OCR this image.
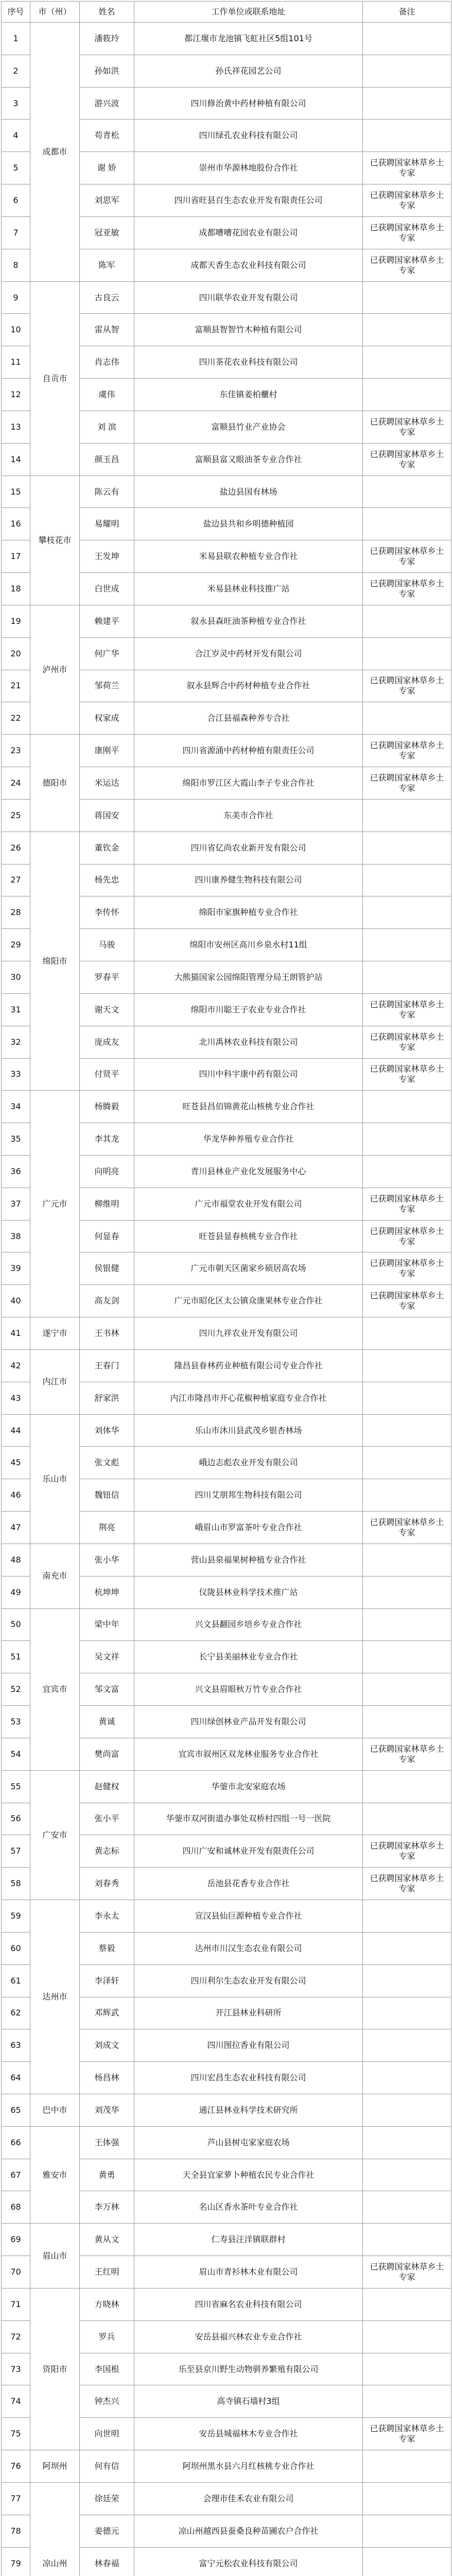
序号	市（州）	姓名	工作单位或联系地址	备注
1	成都市	潘筱玲	都江堰市龙池镇飞虹社区5组101号	
2		孙如洪	孙氏祥花园艺公司	
3		游兴波	四川修治黄中药材种植有限公司	
4		苟青松	四川绿孔农业科技有限公司	
5		谢 娇	崇州市华源林地股份合作社	已获聘国家林草乡土专家
6		刘思军	四川省旺县百生态农业开发有限责任公司	已获聘国家林草乡土专家
7		冠亚敏	成都嘈嘈花园农业有限公司	已获聘国家林草乡土专家
8		陈军	成都天香生态农业科技有限公司	已获聘国家林草乡土专家
9	自贡市	古良云	四川联华农业开发有限公司	
10		雷从智	富顺县智智竹木种植有限公司	
11		肖志伟	四川茶花农业科技有限公司	
12		虞伟	东佳镇姜柏櫃村	
13		刘 滨	富顺县竹业产业协会	已获聘国家林草乡土专家
14		颜玉昌	富顺县富又眼油茶专业合作社	已获聘国家林草乡土专家
15	攀枝花市	陈云有	盐边县国有林场	
16		易耀明	盐边县共和乡明德种植园	
17		王发坤	米易县联农种植专业合作社	已获聘国家林草乡土专家
18		白世成	米易县林业科技推广站	已获聘国家林草乡土专家
19	泸州市	赖建平	叙永县森旺油茶种植专业合作社	
20		何广华	合江岁灵中药材开发有限公司	
21		邹荷兰	叙永县辉合中药材种植专业合作社	已获聘国家林草乡土专家
22		权家成	合江县福森种养专合社	
23	德阳市	康刚平	四川省源涌中药材种植有限责任公司	已获聘国家林草乡土专家
24		米运达	绵阳市罗江区大霞山李子专业合作社	已获聘国家林草乡土专家
25		蒋国安	东美市合作社	
26	绵阳市	董钦金	四川省亿尚农业新开发有限公司	
27		杨先忠	四川康养健生物科技有限公司	
28		李传怀	绵阳市家旗种植专业合作社	
29		马骏	绵阳市安州区高川乡泉水村11组	
30		罗春平	大熊猫国家公园绵阳管理分局王朗管护站	
31		谢天文	绵阳市川聪王子农业专业合作社	已获聘国家林草乡土专家
32		庞成友	北川禹林农业科技有限公司	已获聘国家林草乡土专家
33		付贤平	四川中科宇康中药有限公司	已获聘国家林草乡土专家
34	广元市	杨腾毅	旺苍县昌佰锦黄花山核桃专业合作社	
35		李其龙	华龙华种养殖专业合作社	
36		向明亮	青川县林业产业化发展服务中心	
37		柳维明	广元市福堂农业开发有限公司	已获聘国家林草乡土专家
38		何显春	旺苍县显春核桃专业合作社	已获聘国家林草乡土专家
39		侯银健	广元市朝天区菌家乡硕居高农场	已获聘国家林草乡土专家
40		高友剑	广元市昭化区太公镇众康果林专业合作社	已获聘国家林草乡土专家
41	遂宁市	王书林	四川九祥农业开发有限公司	
42	内江市	王春门	隆昌县眷林药业种植有限公司专业合作社	
43		舒家洪	内江市隆昌市开心花椒种植家庭专业合作社	
44	乐山市	刘体华	乐山市沐川县武茂乡银杏林场	
45		张文彪	峨边志彪农业开发有限公司	
46		魏钮信	四川艾朋邦生物科技有限公司	
47		荆亮	峨眉山市罗富茶叶专业合作社	已获聘国家林草乡土专家
48	南充市	张小华	营山县泉福果树种植专业合作社	
49		杭坤坤	仪陇县林业科学技术推广站	
50	宜宾市	梁中年	兴文县翻园乡培乡专业合作社	
51		吴文祥	长宁县美丽林业专业合作社	
52		邹文富	兴文县眉眼秋万竹专业合作社	
53		黄诚	四川绿创林业产品开发有限公司	
54		樊尚富	宜宾市叙州区双龙林业服务专业合作社	已获聘国家林草乡土专家
55	广安市	赵健权	华蓥市北安家庭农场	
56		张小平	华蓥市双河街道办事处双桥村四组一号一医院	
57		黄志标	四川广安和诚林业开发有限责任公司	已获聘国家林草乡土专家
58		刘春秀	岳池县花香专业合作社	已获聘国家林草乡土专家
59	达州市	李永太	宣汉县仙巨源种植专业合作社	
60		蔡毅	达州市川汉生态农业有限公司	
61		李泽轩	四川利尔生态农业开发有限公司	
62		邓辉武	开江县林业科研所	
63		刘成文	四川图拉香业有限公司	
64		杨昌林	四川宏昌生态农业科技有限公司	
65	巴中市	刘茂华	通江县林业科学技术研究所	
66	雅安市	王体强	芦山县树屯家家庭农场	
67		黄勇	天全县宜家萝卜种植农民专业合作社	
68		李万林	名山区香水茶叶专业合作社	
69	眉山市	黄从文	仁寿县汪洋镇联群村	
70		王红明	眉山市青衫林木业有限公司	已获聘国家林草乡土专家
71	资阳市	方晓林	四川省麻名农业科技有限公司	
72		罗兵	安岳县福兴林农业专业合作社	
73		李国根	乐至县京川野生动物驯养繁殖有限公司	
74		钟杰兴	高寺镇石墙村3组	
75		向世明	安岳县城福林木专业合作社	已获聘国家林草乡土专家
76	阿坝州	何有信	阿坝州黑水县六月红核桃专业合作社	
77	凉山州	徐廷荣	会理市佳禾农业有限公司	
78		姜德元	凉山州越西县蚕桑良种苗圃农户合作社	
79		林春福	富宁元松农业科技有限公司	
